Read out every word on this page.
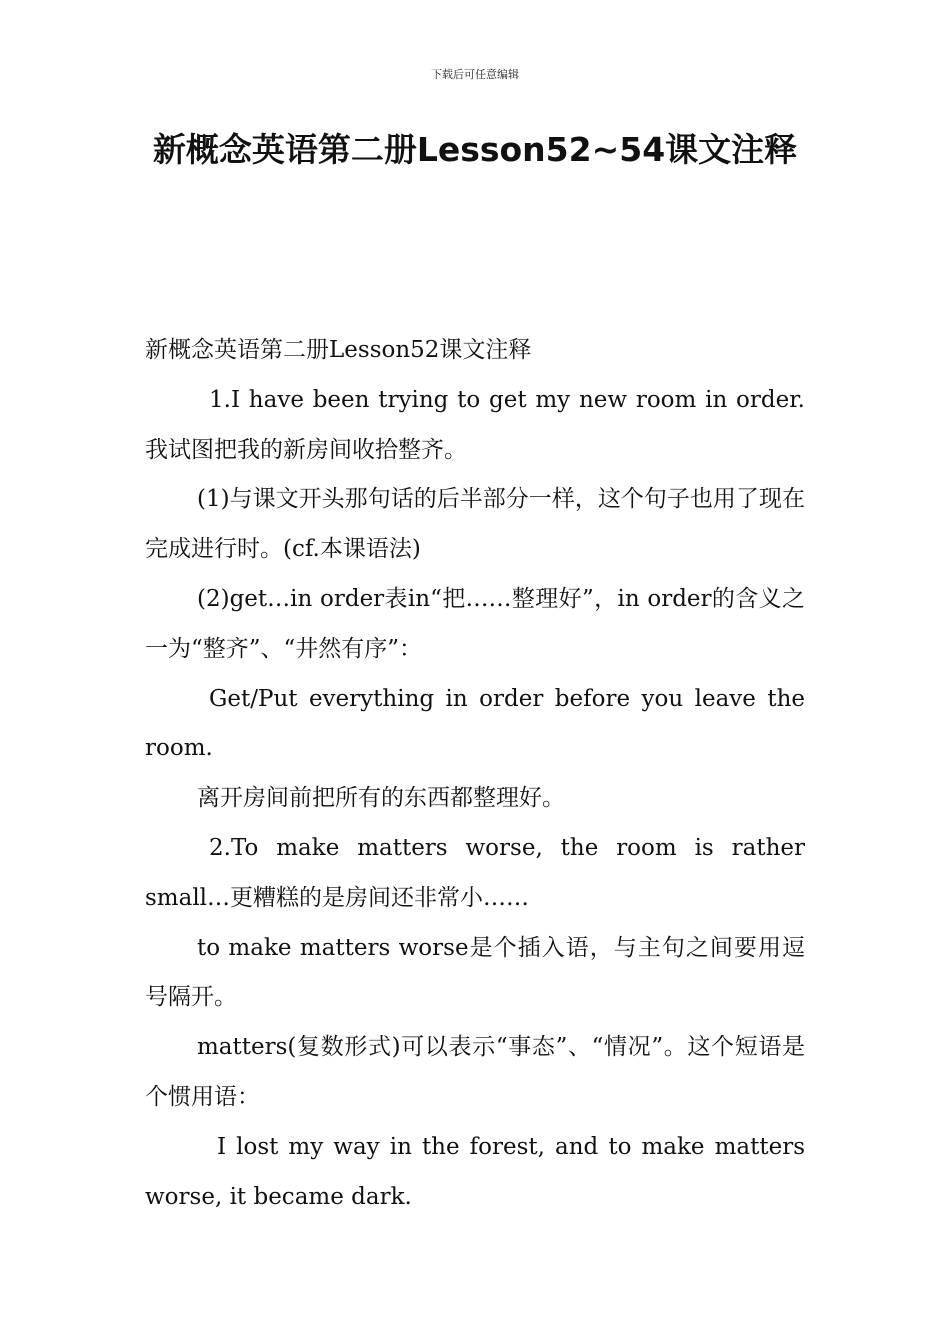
下载后可任意编辑
新概念英语第二册Lesson52~54课文注释

新概念英语第二册Lesson52课文注释

1.I have been trying to get my new room in order.我试图把我的新房间收拾整齐。

(1)与课文开头那句话的后半部分一样，这个句子也用了现在完成进行时。(cf.本课语法)

(2)get…in order表in“把……整理好”，in order的含义之一为“整齐”、“井然有序”：

Get/Put everything in order before you leave the room.

离开房间前把所有的东西都整理好。

2.To make matters worse, the room is rather small…更糟糕的是房间还非常小……

to make matters worse是个插入语，与主句之间要用逗号隔开。

matters(复数形式)可以表示“事态”、“情况”。这个短语是个惯用语：

I lost my way in the forest, and to make matters worse, it became dark.
